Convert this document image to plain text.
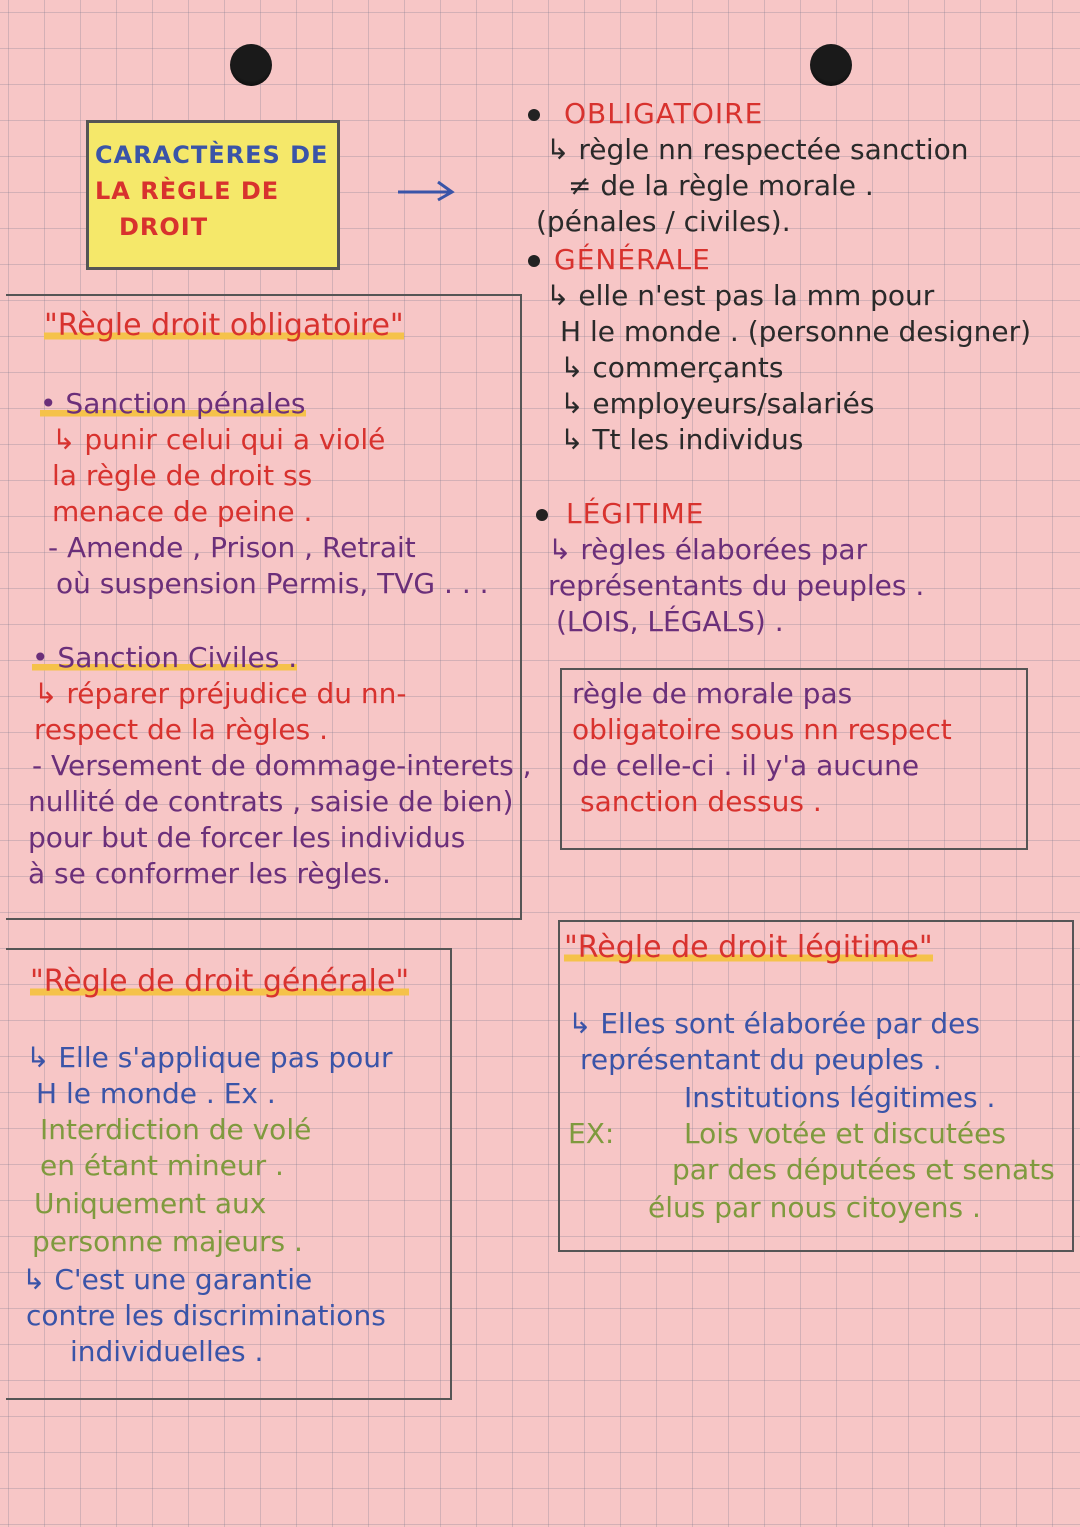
CARACTÈRES DE
LA RÈGLE DE
DROIT
OBLIGATOIRE
↳ règle nn respectée sanction
≠ de la règle morale .
(pénales / civiles).
GÉNÉRALE
↳ elle n'est pas la mm pour
H le monde . (personne designer)
↳ commerçants
↳ employeurs/salariés
↳ Tt les individus
LÉGITIME
↳ règles élaborées par
représentants du peuples .
(LOIS, LÉGALS) .
règle de morale pas
obligatoire sous nn respect
de celle-ci . il y'a aucune
sanction dessus .
"Règle droit obligatoire"
• Sanction pénales
↳ punir celui qui a violé
la règle de droit ss
menace de peine .
- Amende , Prison , Retrait
où suspension Permis, TVG . . .
• Sanction Civiles .
↳ réparer préjudice du nn-
respect de la règles .
- Versement de dommage-interets ,
nullité de contrats , saisie de bien)
pour but de forcer les individus
à se conformer les règles.
"Règle de droit générale"
↳ Elle s'applique pas pour
H le monde . Ex .
Interdiction de volé
en étant mineur .
Uniquement aux
personne majeurs .
↳ C'est une garantie
contre les discriminations
individuelles .
"Règle de droit légitime"
↳ Elles sont élaborée par des
représentant du peuples .
Institutions légitimes .
EX: Lois votée et discutées
par des députées et senats
élus par nous citoyens .
